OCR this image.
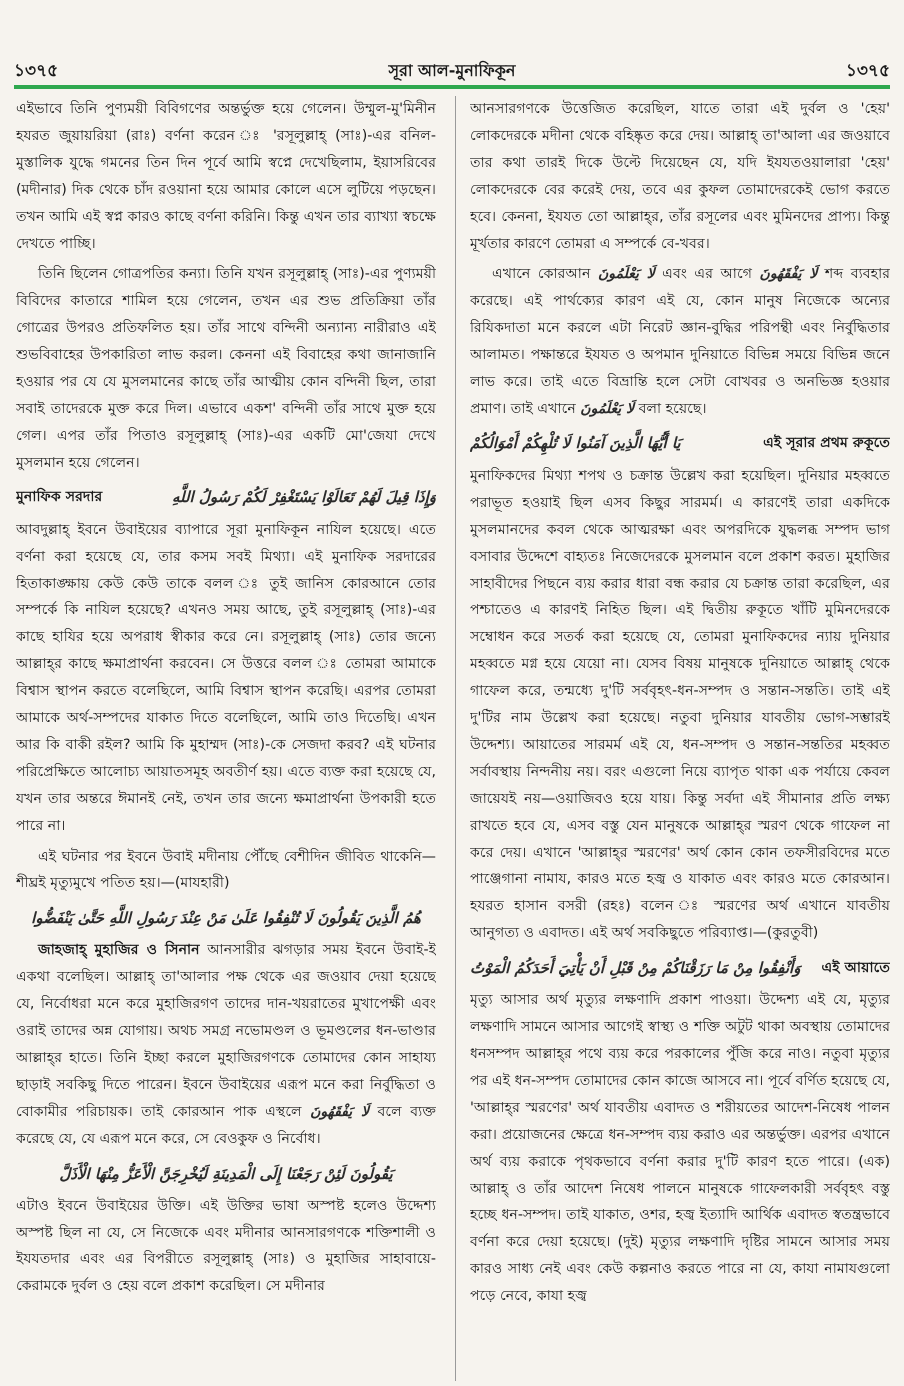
১৩৭৫	সূরা আল-মুনাফিকূন	১৩৭৫

এইভাবে তিনি পুণ্যময়ী বিবিগণের অন্তর্ভুক্ত হয়ে গেলেন। উম্মুল-মু'মিনীন হযরত জুয়ায়রিয়া (রাঃ) বর্ণনা করেন ঃ 'রসূলুল্লাহ্ (সাঃ)-এর বনিল-মুস্তালিক যুদ্ধে গমনের তিন দিন পূর্বে আমি স্বপ্নে দেখেছিলাম, ইয়াসরিবের (মদীনার) দিক থেকে চাঁদ রওয়ানা হয়ে আমার কোলে এসে লুটিয়ে পড়ছেন। তখন আমি এই স্বপ্ন কারও কাছে বর্ণনা করিনি। কিন্তু এখন তার ব্যাখ্যা স্বচক্ষে দেখতে পাচ্ছি।

তিনি ছিলেন গোত্রপতির কন্যা। তিনি যখন রসূলুল্লাহ্ (সাঃ)-এর পুণ্যময়ী বিবিদের কাতারে শামিল হয়ে গেলেন, তখন এর শুভ প্রতিক্রিয়া তাঁর গোত্রের উপরও প্রতিফলিত হয়। তাঁর সাথে বন্দিনী অন্যান্য নারীরাও এই শুভবিবাহের উপকারিতা লাভ করল। কেননা এই বিবাহের কথা জানাজানি হওয়ার পর যে যে মুসলমানের কাছে তাঁর আত্মীয় কোন বন্দিনী ছিল, তারা সবাই তাদেরকে মুক্ত করে দিল। এভাবে একশ' বন্দিনী তাঁর সাথে মুক্ত হয়ে গেল। এপর তাঁর পিতাও রসূলুল্লাহ্ (সাঃ)-এর একটি মো'জেযা দেখে মুসলমান হয়ে গেলেন।

وَإِذَا قِيلَ لَهُمْ تَعَالَوْا يَسْتَغْفِرْ لَكُمْ رَسُولُ اللَّهِ
মুনাফিক সরদার

আবদুল্লাহ্ ইবনে উবাইয়ের ব্যাপারে সূরা মুনাফিকূন নাযিল হয়েছে। এতে বর্ণনা করা হয়েছে যে, তার কসম সবই মিথ্যা। এই মুনাফিক সরদারের হিতাকাঙ্ক্ষায় কেউ কেউ তাকে বলল ঃ তুই জানিস কোরআনে তোর সম্পর্কে কি নাযিল হয়েছে? এখনও সময় আছে, তুই রসূলুল্লাহ্ (সাঃ)-এর কাছে হাযির হয়ে অপরাধ স্বীকার করে নে। রসূলুল্লাহ্ (সাঃ) তোর জন্যে আল্লাহ্‌র কাছে ক্ষমাপ্রার্থনা করবেন। সে উত্তরে বলল ঃ তোমরা আমাকে বিশ্বাস স্থাপন করতে বলেছিলে, আমি বিশ্বাস স্থাপন করেছি। এরপর তোমরা আমাকে অর্থ-সম্পদের যাকাত দিতে বলেছিলে, আমি তাও দিতেছি। এখন আর কি বাকী রইল? আমি কি মুহাম্মদ (সাঃ)-কে সেজদা করব? এই ঘটনার পরিপ্রেক্ষিতে আলোচ্য আয়াতসমূহ অবতীর্ণ হয়। এতে ব্যক্ত করা হয়েছে যে, যখন তার অন্তরে ঈমানই নেই, তখন তার জন্যে ক্ষমাপ্রার্থনা উপকারী হতে পারে না।

এই ঘটনার পর ইবনে উবাই মদীনায় পৌঁছে বেশীদিন জীবিত থাকেনি—শীঘ্রই মৃত্যুমুখে পতিত হয়।—(মাযহারী)

هُمُ الَّذِينَ يَقُولُونَ لَا تُنْفِقُوا عَلَىٰ مَنْ عِنْدَ رَسُولِ اللَّهِ حَتَّىٰ يَنْفَضُّوا

জাহজাহ্ মুহাজির ও সিনান আনসারীর ঝগড়ার সময় ইবনে উবাই-ই একথা বলেছিল। আল্লাহ্ তা'আলার পক্ষ থেকে এর জওয়াব দেয়া হয়েছে যে, নির্বোধরা মনে করে মুহাজিরগণ তাদের দান-খয়রাতের মুখাপেক্ষী এবং ওরাই তাদের অন্ন যোগায়। অথচ সমগ্র নভোমণ্ডল ও ভূমণ্ডলের ধন-ভাণ্ডার আল্লাহ্‌র হাতে। তিনি ইচ্ছা করলে মুহাজিরগণকে তোমাদের কোন সাহায্য ছাড়াই সবকিছু দিতে পারেন। ইবনে উবাইয়ের এরূপ মনে করা নির্বুদ্ধিতা ও বোকামীর পরিচায়ক। তাই কোরআন পাক এস্থলে لَا يَفْقَهُونَ বলে ব্যক্ত করেছে যে, যে এরূপ মনে করে, সে বেওকুফ ও নির্বোধ।

يَقُولُونَ لَئِنْ رَجَعْنَا إِلَى الْمَدِينَةِ لَيُخْرِجَنَّ الْأَعَزُّ مِنْهَا الْأَذَلَّ

এটাও ইবনে উবাইয়ের উক্তি। এই উক্তির ভাষা অস্পষ্ট হলেও উদ্দেশ্য অস্পষ্ট ছিল না যে, সে নিজেকে এবং মদীনার আনসারগণকে শক্তিশালী ও ইযযতদার এবং এর বিপরীতে রসূলুল্লাহ্ (সাঃ) ও মুহাজির সাহাবায়ে-কেরামকে দুর্বল ও হেয় বলে প্রকাশ করেছিল। সে মদীনার

আনসারগণকে উত্তেজিত করেছিল, যাতে তারা এই দুর্বল ও 'হেয়' লোকদেরকে মদীনা থেকে বহিষ্কৃত করে দেয়। আল্লাহ্ তা'আলা এর জওয়াবে তার কথা তারই দিকে উল্টে দিয়েছেন যে, যদি ইযযতওয়ালারা 'হেয়' লোকদেরকে বের করেই দেয়, তবে এর কুফল তোমাদেরকেই ভোগ করতে হবে। কেননা, ইযযত তো আল্লাহ্‌র, তাঁর রসূলের এবং মুমিনদের প্রাপ্য। কিন্তু মূর্খতার কারণে তোমরা এ সম্পর্কে বে-খবর।

এখানে কোরআন لَا يَعْلَمُونَ এবং এর আগে لَا يَفْقَهُونَ শব্দ ব্যবহার করেছে। এই পার্থক্যের কারণ এই যে, কোন মানুষ নিজেকে অন্যের রিযিকদাতা মনে করলে এটা নিরেট জ্ঞান-বুদ্ধির পরিপন্থী এবং নির্বুদ্ধিতার আলামত। পক্ষান্তরে ইযযত ও অপমান দুনিয়াতে বিভিন্ন সময়ে বিভিন্ন জনে লাভ করে। তাই এতে বিভ্রান্তি হলে সেটা বোখবর ও অনভিজ্ঞ হওয়ার প্রমাণ। তাই এখানে لَا يَعْلَمُونَ বলা হয়েছে।

এই সূরার প্রথম রুকূতে
يَا أَيُّهَا الَّذِينَ آمَنُوا لَا تُلْهِكُمْ أَمْوَالُكُمْ

মুনাফিকদের মিথ্যা শপথ ও চক্রান্ত উল্লেখ করা হয়েছিল। দুনিয়ার মহব্বতে পরাভূত হওয়াই ছিল এসব কিছুর সারমর্ম। এ কারণেই তারা একদিকে মুসলমানদের কবল থেকে আত্মরক্ষা এবং অপরদিকে যুদ্ধলব্ধ সম্পদ ভাগ বসাবার উদ্দেশে বাহ্যতঃ নিজেদেরকে মুসলমান বলে প্রকাশ করত। মুহাজির সাহাবীদের পিছনে ব্যয় করার ধারা বন্ধ করার যে চক্রান্ত তারা করেছিল, এর পশ্চাতেও এ কারণই নিহিত ছিল। এই দ্বিতীয় রুকূতে খাঁটি মুমিনদেরকে সম্বোধন করে সতর্ক করা হয়েছে যে, তোমরা মুনাফিকদের ন্যায় দুনিয়ার মহব্বতে মগ্ন হয়ে যেয়ো না। যেসব বিষয় মানুষকে দুনিয়াতে আল্লাহ্ থেকে গাফেল করে, তন্মধ্যে দু'টি সর্ববৃহৎ-ধন-সম্পদ ও সন্তান-সন্ততি। তাই এই দু'টির নাম উল্লেখ করা হয়েছে। নতুবা দুনিয়ার যাবতীয় ভোগ-সম্ভারই উদ্দেশ্য। আয়াতের সারমর্ম এই যে, ধন-সম্পদ ও সন্তান-সন্ততির মহব্বত সর্বাবস্থায় নিন্দনীয় নয়। বরং এগুলো নিয়ে ব্যাপৃত থাকা এক পর্যায়ে কেবল জায়েযই নয়—ওয়াজিবও হয়ে যায়। কিন্তু সর্বদা এই সীমানার প্রতি লক্ষ্য রাখতে হবে যে, এসব বস্তু যেন মানুষকে আল্লাহ্‌র স্মরণ থেকে গাফেল না করে দেয়। এখানে 'আল্লাহ্‌র স্মরণের' অর্থ কোন কোন তফসীরবিদের মতে পাঞ্জেগানা নামায, কারও মতে হজ্ব ও যাকাত এবং কারও মতে কোরআন। হযরত হাসান বসরী (রহঃ) বলেন ঃ স্মরণের অর্থ এখানে যাবতীয় আনুগত্য ও এবাদত। এই অর্থ সবকিছুতে পরিব্যাপ্ত।—(কুরতুবী)

এই আয়াতে
وَأَنْفِقُوا مِنْ مَا رَزَقْنَاكُمْ مِنْ قَبْلِ أَنْ يَأْتِيَ أَحَدَكُمُ الْمَوْتُ

মৃত্যু আসার অর্থ মৃত্যুর লক্ষণাদি প্রকাশ পাওয়া। উদ্দেশ্য এই যে, মৃত্যুর লক্ষণাদি সামনে আসার আগেই স্বাস্থ্য ও শক্তি অটুট থাকা অবস্থায় তোমাদের ধনসম্পদ আল্লাহ্‌র পথে ব্যয় করে পরকালের পুঁজি করে নাও। নতুবা মৃত্যুর পর এই ধন-সম্পদ তোমাদের কোন কাজে আসবে না। পূর্বে বর্ণিত হয়েছে যে, 'আল্লাহ্‌র স্মরণের' অর্থ যাবতীয় এবাদত ও শরীয়তের আদেশ-নিষেধ পালন করা। প্রয়োজনের ক্ষেত্রে ধন-সম্পদ ব্যয় করাও এর অন্তর্ভুক্ত। এরপর এখানে অর্থ ব্যয় করাকে পৃথকভাবে বর্ণনা করার দু'টি কারণ হতে পারে। (এক) আল্লাহ্ ও তাঁর আদেশ নিষেধ পালনে মানুষকে গাফেলকারী সর্ববৃহৎ বস্তু হচ্ছে ধন-সম্পদ। তাই যাকাত, ওশর, হজ্ব ইত্যাদি আর্থিক এবাদত স্বতন্ত্রভাবে বর্ণনা করে দেয়া হয়েছে। (দুই) মৃত্যুর লক্ষণাদি দৃষ্টির সামনে আসার সময় কারও সাধ্য নেই এবং কেউ কল্পনাও করতে পারে না যে, কাযা নামাযগুলো পড়ে নেবে, কাযা হজ্ব
